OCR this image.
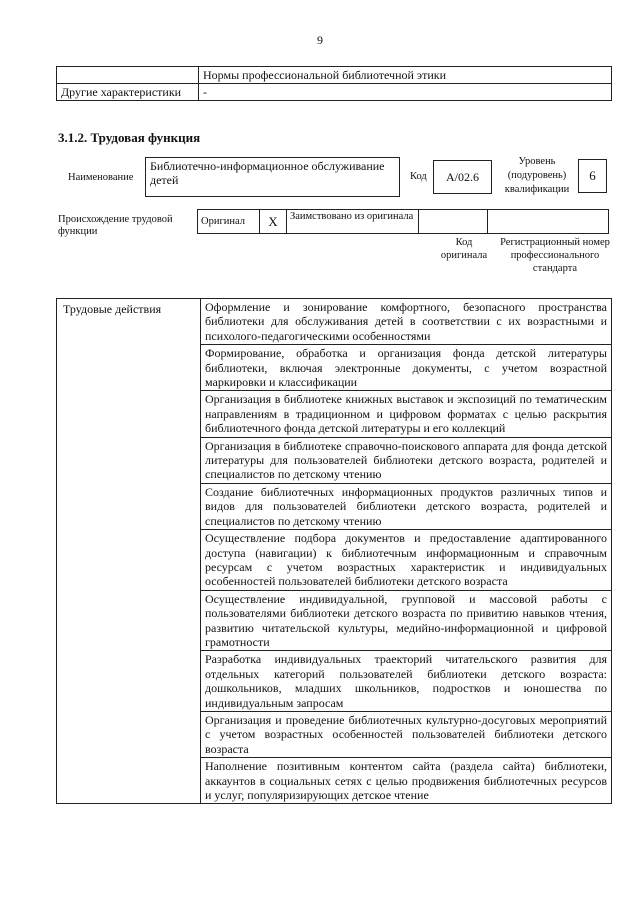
9
	Нормы профессиональной библиотечной этики
Другие характеристики	-
3.1.2. Трудовая функция
Наименование
Библиотечно-информационное обслуживание детей	Код	А/02.6
Уровень (подуровень) квалификации
6
Происхождение трудовой функции
Оригинал	X	Заимствовано из оригинала		
Код оригинала
Регистрационный номер профессионального стандарта
Трудовые действия	Оформление и зонирование комфортного, безопасного пространства библиотеки для обслуживания детей в соответствии с их возрастными и психолого-педагогическими особенностями
Формирование, обработка и организация фонда детской литературы библиотеки, включая электронные документы, с учетом возрастной маркировки и классификации
Организация в библиотеке книжных выставок и экспозиций по тематическим направлениям в традиционном и цифровом форматах с целью раскрытия библиотечного фонда детской литературы и его коллекций
Организация в библиотеке справочно-поискового аппарата для фонда детской литературы для пользователей библиотеки детского возраста, родителей и специалистов по детскому чтению
Создание библиотечных информационных продуктов различных типов и видов для пользователей библиотеки детского возраста, родителей и специалистов по детскому чтению
Осуществление подбора документов и предоставление адаптированного доступа (навигации) к библиотечным информационным и справочным ресурсам с учетом возрастных характеристик и индивидуальных особенностей пользователей библиотеки детского возраста
Осуществление индивидуальной, групповой и массовой работы с пользователями библиотеки детского возраста по привитию навыков чтения, развитию читательской культуры, медийно-информационной и цифровой грамотности
Разработка индивидуальных траекторий читательского развития для отдельных категорий пользователей библиотеки детского возраста: дошкольников, младших школьников, подростков и юношества по индивидуальным запросам
Организация и проведение библиотечных культурно-досуговых мероприятий с учетом возрастных особенностей пользователей библиотеки детского возраста
Наполнение позитивным контентом сайта (раздела сайта) библиотеки, аккаунтов в социальных сетях с целью продвижения библиотечных ресурсов и услуг, популяризирующих детское чтение
